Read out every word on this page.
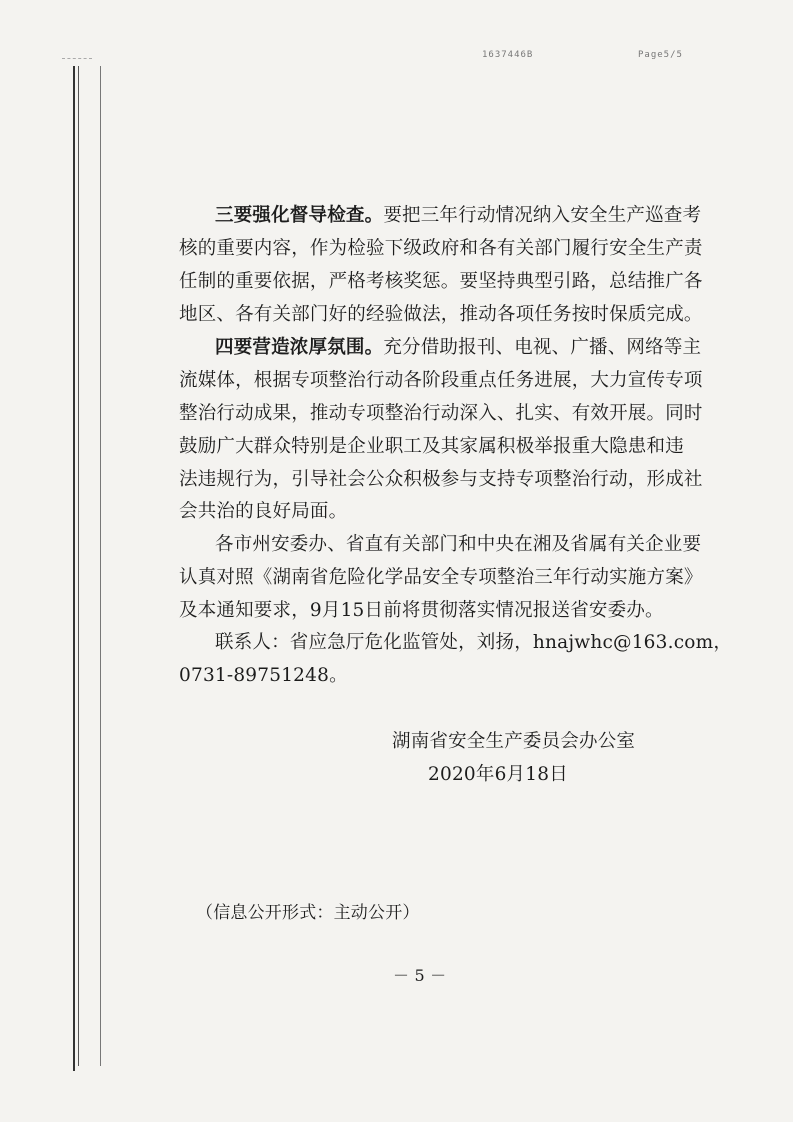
1637446B	Page5/5
三要强化督导检查。要把三年行动情况纳入安全生产巡查考
核的重要内容，作为检验下级政府和各有关部门履行安全生产责
任制的重要依据，严格考核奖惩。要坚持典型引路，总结推广各
地区、各有关部门好的经验做法，推动各项任务按时保质完成。
四要营造浓厚氛围。充分借助报刊、电视、广播、网络等主
流媒体，根据专项整治行动各阶段重点任务进展，大力宣传专项
整治行动成果，推动专项整治行动深入、扎实、有效开展。同时
鼓励广大群众特别是企业职工及其家属积极举报重大隐患和违
法违规行为，引导社会公众积极参与支持专项整治行动，形成社
会共治的良好局面。
各市州安委办、省直有关部门和中央在湘及省属有关企业要
认真对照《湖南省危险化学品安全专项整治三年行动实施方案》
及本通知要求，9月15日前将贯彻落实情况报送省安委办。
联系人：省应急厅危化监管处，刘扬，hnajwhc@163.com，
0731-89751248。
湖南省安全生产委员会办公室
2020年6月18日
（信息公开形式：主动公开）
－ 5 －
